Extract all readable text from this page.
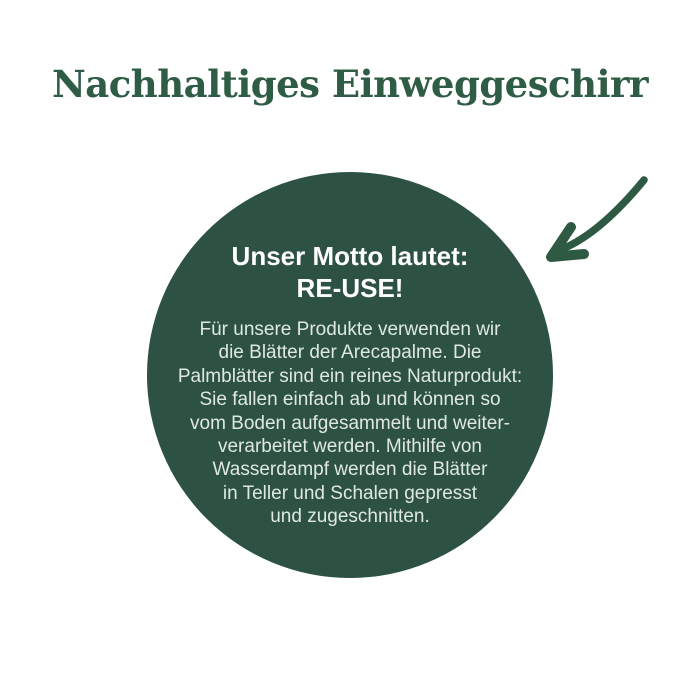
Nachhaltiges Einweggeschirr
Unser Motto lautet:
RE-USE!
Für unsere Produkte verwenden wir
die Blätter der Arecapalme. Die
Palmblätter sind ein reines Naturprodukt:
Sie fallen einfach ab und können so
vom Boden aufgesammelt und weiter-
verarbeitet werden. Mithilfe von
Wasserdampf werden die Blätter
in Teller und Schalen gepresst
und zugeschnitten.
